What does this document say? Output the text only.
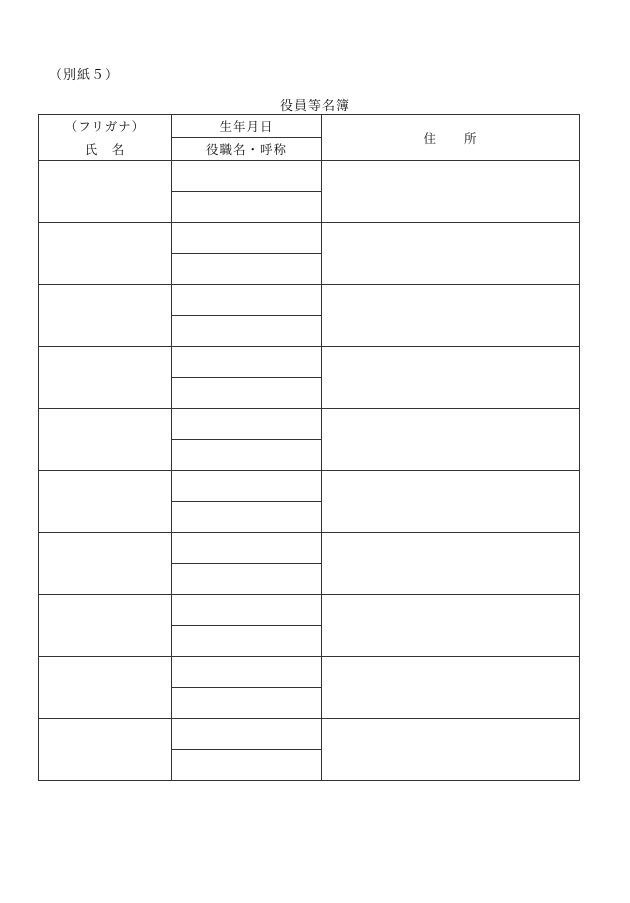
（別紙５）
役員等名簿
（フリガナ）	生年月日	住　　所
氏　名	役職名・呼称	
